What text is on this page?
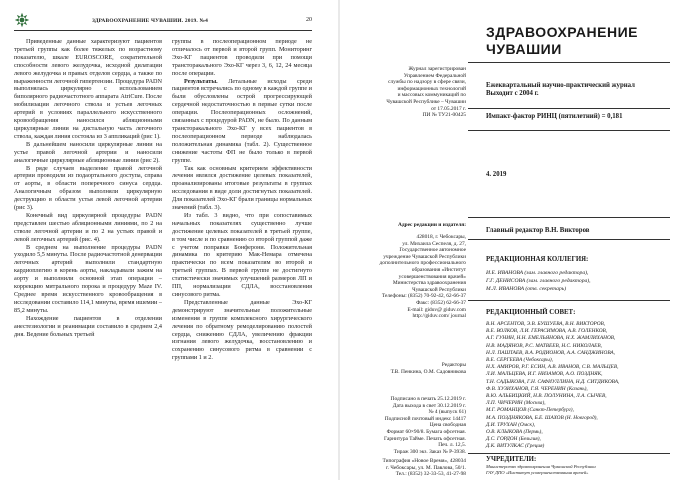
ЗДРАВООХРАНЕНИЕ ЧУВАШИИ. 2019. №4	20

Приведенные данные характеризуют пациентов третьей группы как более тяжелых по возрастному показателю, шкале EUROSCORE, сократительной способности левого желудочка, исходной дилатации левого желудочка и правых отделов сердца, а также по выраженности легочной гипертензии. Процедура PADN выполнялась циркулярно с использованием биполярного радиочастотного аппарата AtriCure. После мобилизации легочного ствола и устьев легочных артерий в условиях параллельного искусственного кровообращения наносился абляционными циркулярные линии на дистальную часть легочного ствола, каждая линия состояла из 3 аппликаций (рис 1).

В дальнейшем наносили циркулярные линии на устье правой легочной артерии и наносили аналогичные циркулярные абляционные линии (рис 2).

В ряде случаев выделение правой легочной артерии проводили из подаортального доступа, справа от аорты, в области поперечного синуса сердца. Аналогичным образом выполняли циркулярную деструкцию в области устья левой легочной артерии (рис 3).

Конечный вид циркулярной процедуры PADN представлен шестью абляционными линиями, по 2 на стволе легочной артерии и по 2 на устьях правой и левой легочных артерий (рис. 4).

В среднем на выполнение процедуры PADN уходило 5,5 минуты. После радиочастотной денервации легочных артерий выполнили стандартную кардиоплегию в корень аорты, накладывали зажим на аорту и выполнили основной этап операции – коррекцию митрального порока и процедуру Maze IV. Среднее время искусственного кровообращения в исследовании составило 114,1 минуты, время ишемии – 85,2 минуты.

Нахождение пациентов в отделении анестезиологии и реанимации составило в среднем 2,4 дня. Ведение больных третьей

группы в послеоперационном периоде не отличалось от первой и второй групп. Мониторинг Эхо-КГ пациентов проводили при помощи трансторакального Эхо-КГ через 3, 6, 12, 24 месяца после операции.

Результаты. Летальные исходы среди пациентов встречались по одному в каждой группе и были обусловлены острой прогрессирующей сердечной недостаточностью в первые сутки после операции. Послеоперационных осложнений, связанных с процедурой PADN, не было. По данным трансторакального Эхо-КГ у всех пациентов в послеоперационном периоде наблюдалась положительная динамика (табл. 2). Существенное снижение частоты ФП не было только в первой группе.

Так как основным критерием эффективности лечения являлся достижение целевых показателей, проанализированы итоговые результаты в группах исследования в виде доли достигнутых показателей. Для показателей Эхо-КГ брали границы нормальных значений (табл. 3).

Из табл. 3 видно, что при сопоставимых начальных показателях существенно лучше достижение целевых показателей в третьей группе, в том числе и по сравнению со второй группой даже с учетом поправки Бонферони. Положительная динамика по критерию Мак-Немара отмечена практически по всем показателям во второй и третьей группах. В первой группе не достигнуто статистически значимых улучшений размеров ЛП и ПП, нормализации СДЛА, восстановления синусового ритма.

Представленные данные Эхо-КГ демонстрируют значительные положительные изменения в группе комплексного хирургического лечения по обратному ремоделированию полостей сердца, снижению СДЛА, увеличению фракции изгнания левого желудочка, восстановлению и сохранению синусового ритма в сравнении с группами 1 и 2.

ЗДРАВООХРАНЕНИЕ
ЧУВАШИИ
Ежеквартальный научно-практический журнал
Выходит с 2004 г.
Импакт-фактор РИНЦ (пятилетний) = 0,181
4. 2019
Главный редактор В.Н. Викторов
РЕДАКЦИОННАЯ КОЛЛЕГИЯ:
И.Е. ИВАНОВА (зам. главного редактора),
Г.Г. ДЕНИСОВА (зам. главного редактора),
М.Л. ИВАНОВА (отв. секретарь)
РЕДАКЦИОННЫЙ СОВЕТ:
В.Н. АРСЕНТОВ, Э.В. БУШУЕВА, В.Н. ВИКТОРОВ,
В.Е. ВОЛКОВ, Л.И. ГЕРАСИМОВА, А.В. ГОЛЕНКОВ,
А.Г. ГУНИН, Н.Н. ЕМЕЛЬЯНОВА, Н.Х. ЖАМЛИХАНОВ,
Н.В. МАДЯНОВ, Р.С. МАТВЕЕВ, Н.С. НИКОЛАЕВ,
Н.Л. ПАШТАЕВ, В.А. РОДИОНОВ, А.А. САНДЖИНОВА,
В.Е. СЕРГЕЕВА (Чебоксары),
Н.Х. АМИРОВ, Р.Г. ЕСИН, А.В. ИВАНОВ, С.В. МАЛЬЦЕВ,
Л.И. МАЛЬЦЕВА, И.Г. НИЗАМОВ, А.О. ПОЗДНЯК,
Т.Н. САДЫКОВА, Г.Н. САФИУЛЛИНА, Н.Д. СИТДИКОВА,
Ф.В. ХУЗИХАНОВ, Г.Я. ЧЕРЕНИН (Казань),
В.Ю. АЛЬБИЦКИЙ, Н.В. ПОЛУНИНА, Л.А. СЫЧЕВ,
Л.П. ЧИЧЕРИН (Москва),
М.Г. РОМАНЦОВ (Санкт-Петербург),
М.А. ПОЗДНЯКОВА, Б.Е. ШАХОВ (Н. Новгород),
Д.И. ТРУХАН (Омск),
О.В. КЛЫКОВА (Пермь),
Д.С. ГОРДОН (Бельгия),
Д.К. ВИТУЛКАС (Греция)
УЧРЕДИТЕЛИ:
Министерство здравоохранения Чувашской Республики
ГАУ ДПО «Институт усовершенствования врачей»
Журнал зарегистрирован
Управлением Федеральной
службы по надзору в сфере связи,
информационных технологий
и массовых коммуникаций по
Чувашской Республике – Чувашии
от 17.05.2017 г.
ПИ № ТУ21-00425

Адрес редакции и издателя:

428018, г. Чебоксары,
ул. Михаила Сеспеля, д. 27,
Государственное автономное
учреждение Чувашской Республики
дополнительного профессионального
образования «Институт
усовершенствования врачей»
Министерства здравоохранения
Чувашской Республики
Телефоны: (8352) 70-92-42, 62-66-37
Факс: (8352) 62-66-37
E-mail: giduv@ giduv.com
http://giduv.com/ journal

Редакторы

Т.В. Пенкина, О.М. Садовникова

Подписано в печать 25.12.2019 г.
Дата выхода в свет 30.12.2019 г.
№ 4 (выпуск 61)
Подписной почтовый индекс 14417
Цена свободная
Формат 60×90/8. Бумага офсетная.
Гарнитура Тайме. Печать офсетная.
Печ. л. 12,5.
Тираж 300 экз. Заказ № Р-3938.
Типография «Новое Время», 428034
г. Чебоксары, ул. М. Павлова, 50/1.
Тел.: (8352) 32-33-53, 41-27-98
